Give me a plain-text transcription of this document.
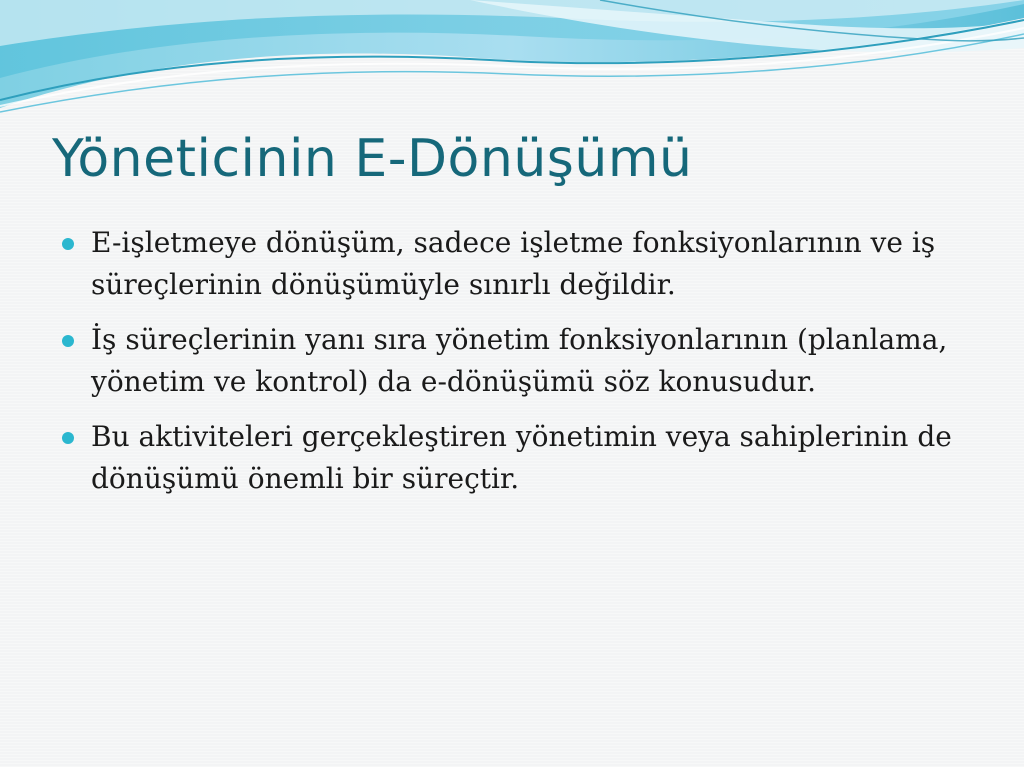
Yöneticinin E-Dönüşümü
E-işletmeye dönüşüm, sadece işletme fonksiyonlarının ve iş süreçlerinin dönüşümüyle sınırlı değildir.
İş süreçlerinin yanı sıra yönetim fonksiyonlarının (planlama, yönetim ve kontrol) da e-dönüşümü söz konusudur.
Bu aktiviteleri gerçekleştiren yönetimin veya sahiplerinin de dönüşümü önemli bir süreçtir.
